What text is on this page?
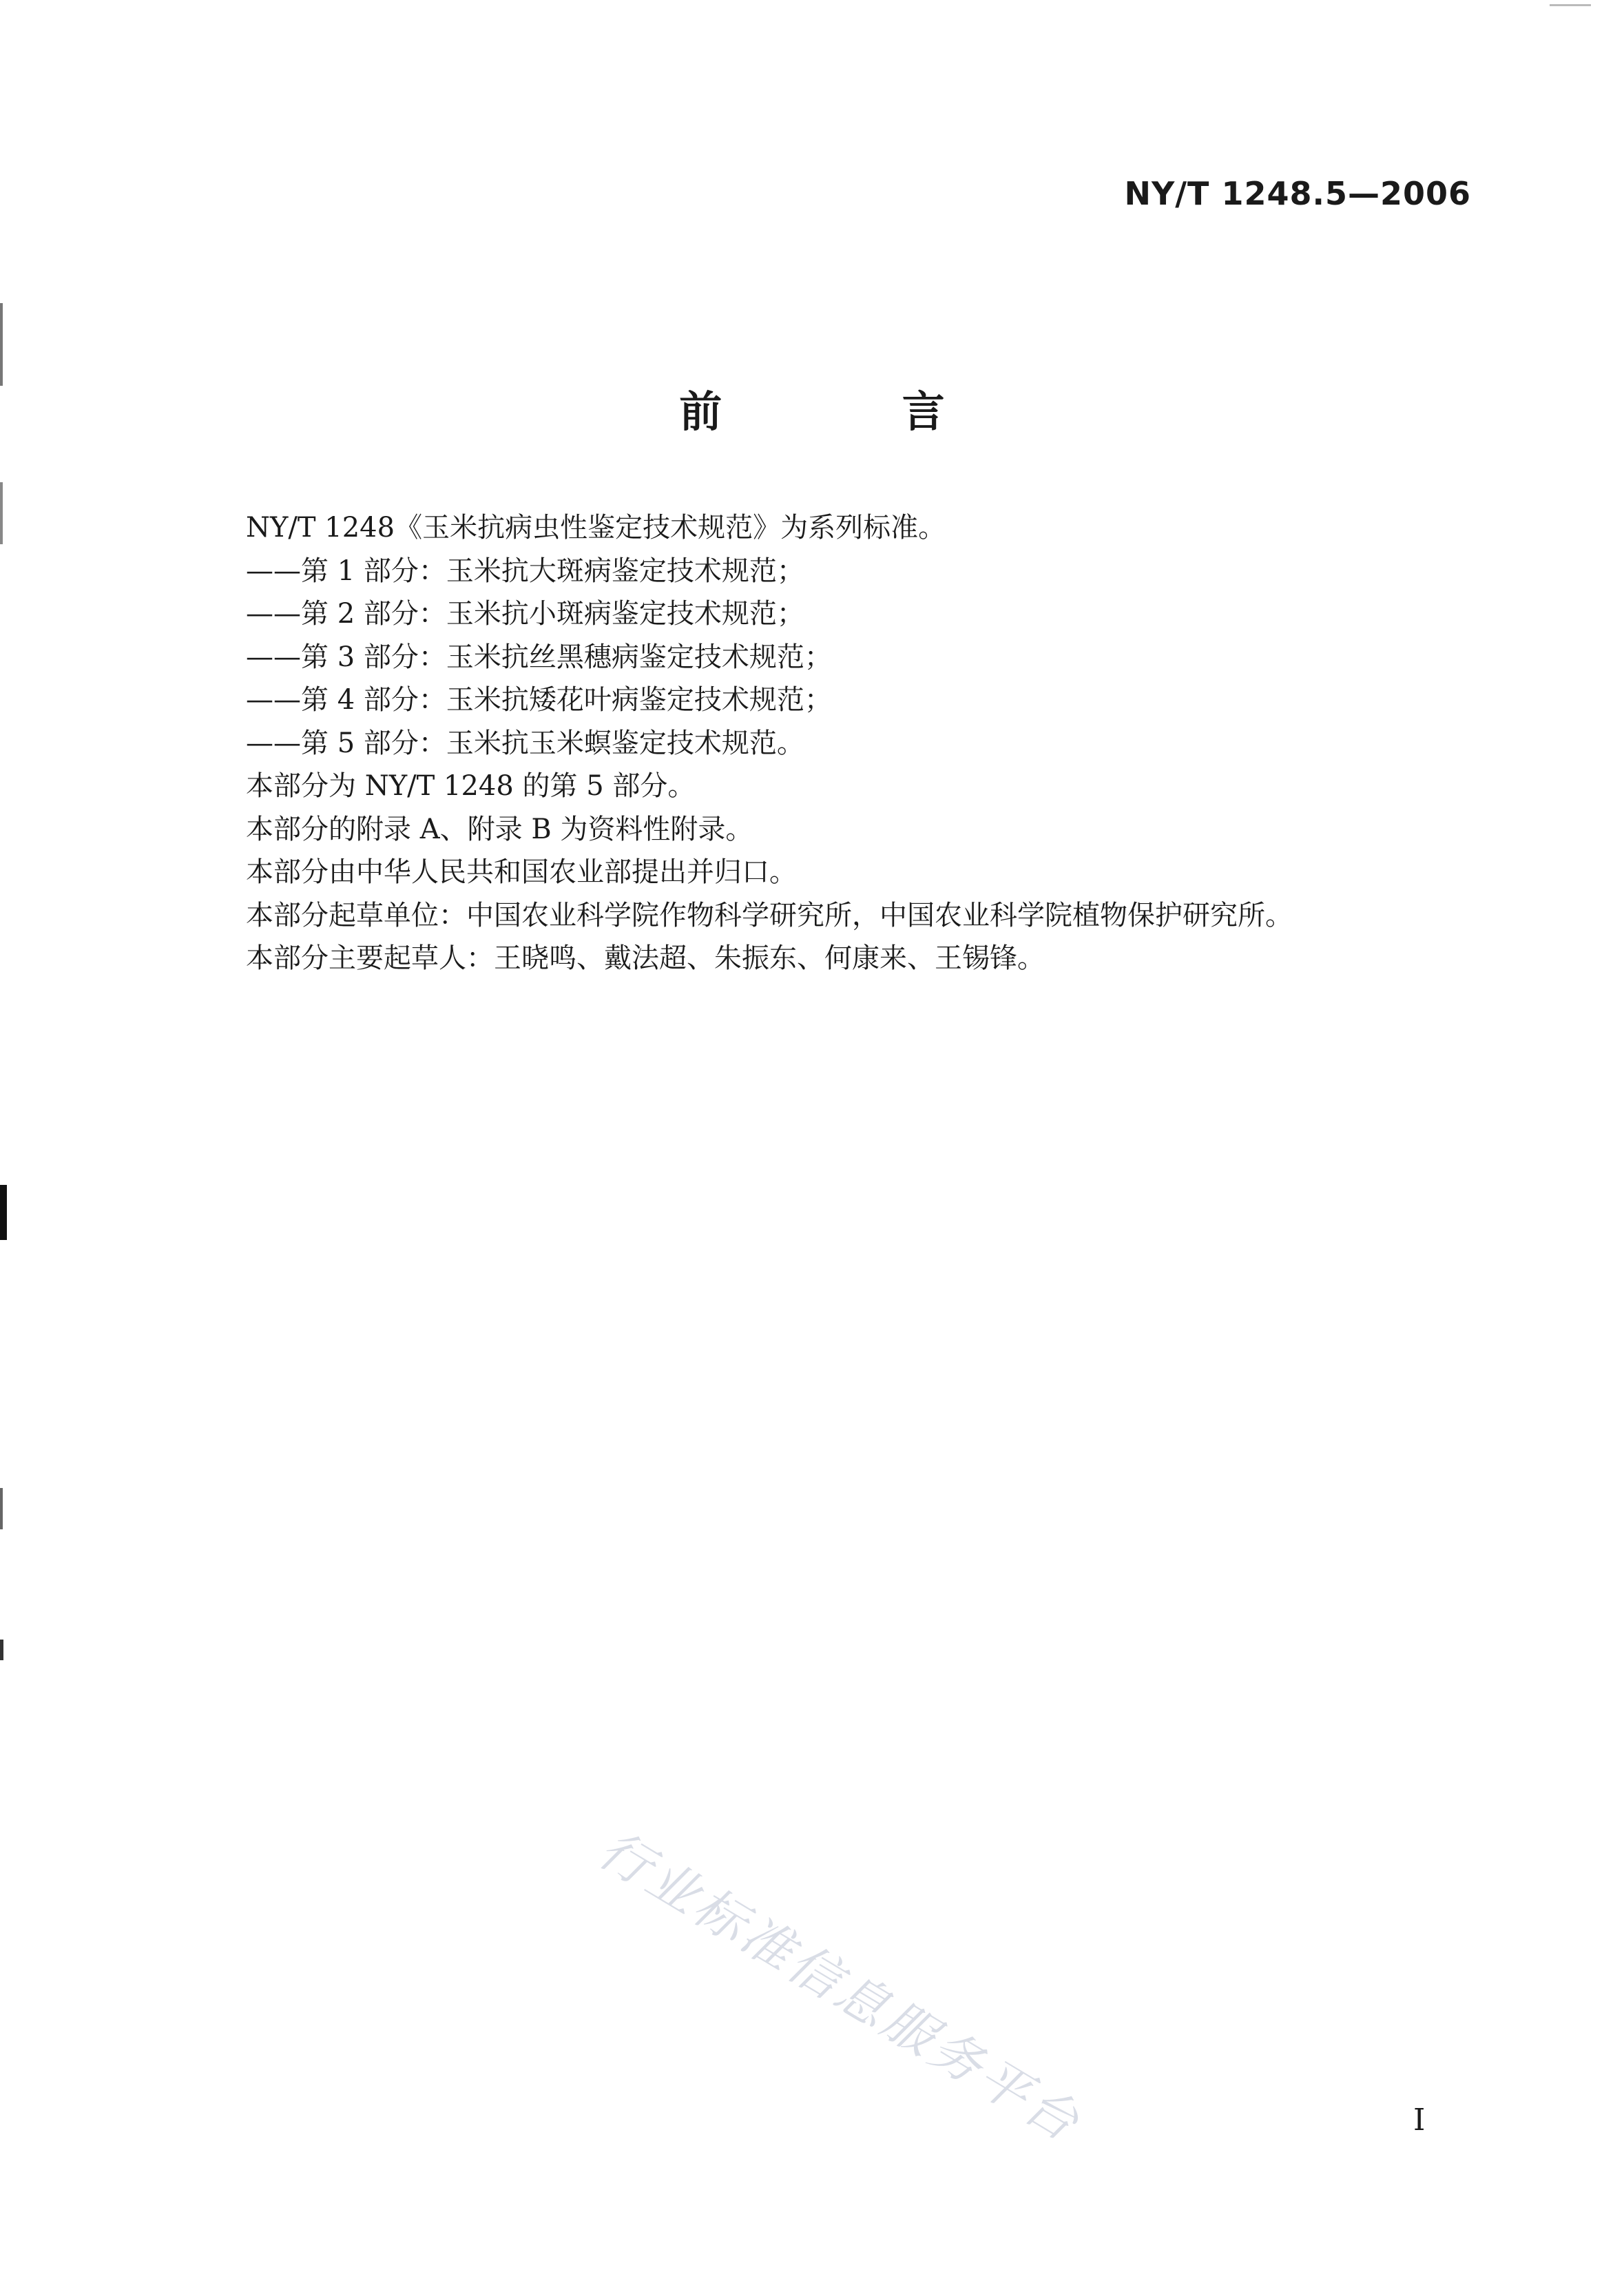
NY/T 1248.5—2006
前 言

NY/T 1248《玉米抗病虫性鉴定技术规范》为系列标准。

——第 1 部分：玉米抗大斑病鉴定技术规范；

——第 2 部分：玉米抗小斑病鉴定技术规范；

——第 3 部分：玉米抗丝黑穗病鉴定技术规范；

——第 4 部分：玉米抗矮花叶病鉴定技术规范；

——第 5 部分：玉米抗玉米螟鉴定技术规范。

本部分为 NY/T 1248 的第 5 部分。

本部分的附录 A、附录 B 为资料性附录。

本部分由中华人民共和国农业部提出并归口。

本部分起草单位：中国农业科学院作物科学研究所，中国农业科学院植物保护研究所。

本部分主要起草人：王晓鸣、戴法超、朱振东、何康来、王锡锋。

行业标准信息服务平台	I
